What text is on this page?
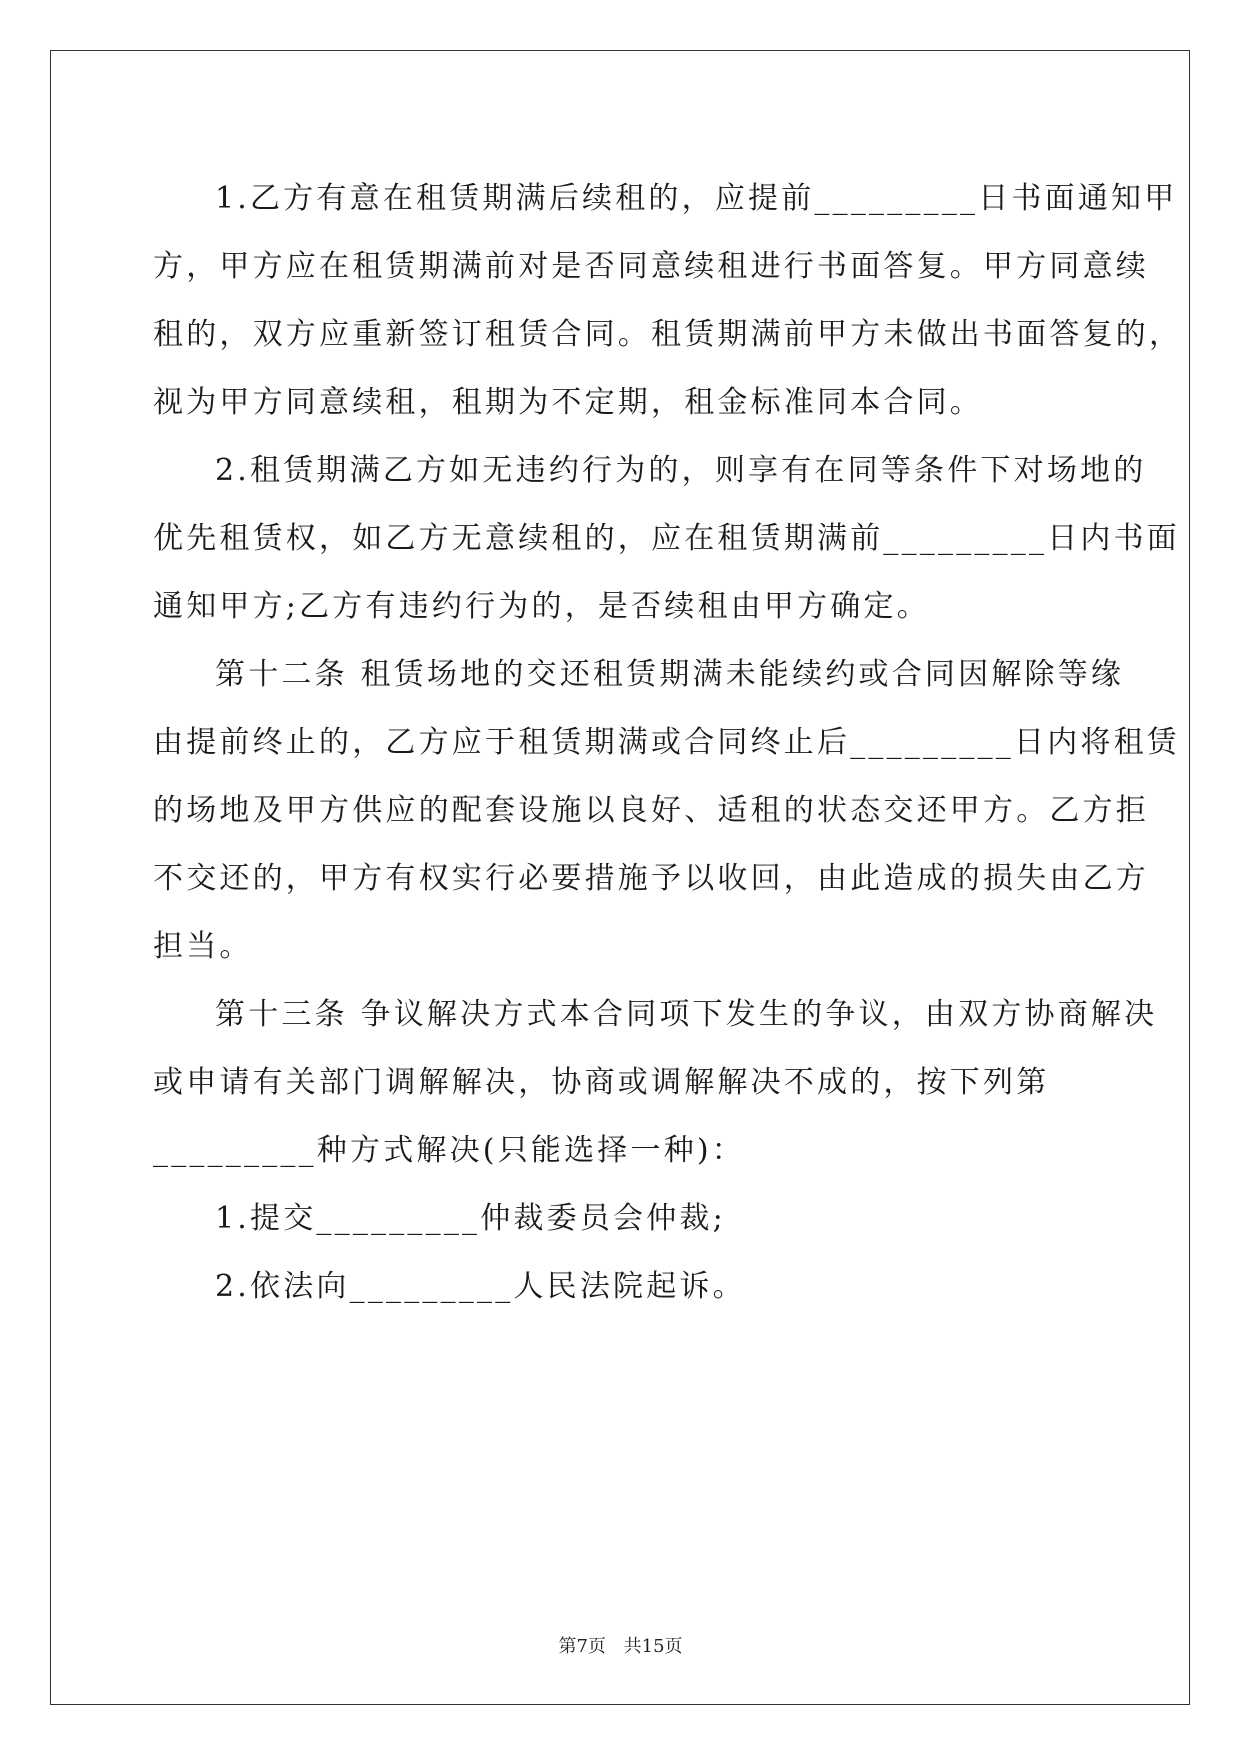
1.乙方有意在租赁期满后续租的，应提前_________日书面通知甲
方，甲方应在租赁期满前对是否同意续租进行书面答复。甲方同意续
租的，双方应重新签订租赁合同。租赁期满前甲方未做出书面答复的，
视为甲方同意续租，租期为不定期，租金标准同本合同。

2.租赁期满乙方如无违约行为的，则享有在同等条件下对场地的
优先租赁权，如乙方无意续租的，应在租赁期满前_________日内书面
通知甲方;乙方有违约行为的，是否续租由甲方确定。

第十二条 租赁场地的交还租赁期满未能续约或合同因解除等缘
由提前终止的，乙方应于租赁期满或合同终止后_________日内将租赁
的场地及甲方供应的配套设施以良好、适租的状态交还甲方。乙方拒
不交还的，甲方有权实行必要措施予以收回，由此造成的损失由乙方
担当。

第十三条 争议解决方式本合同项下发生的争议，由双方协商解决
或申请有关部门调解解决，协商或调解解决不成的，按下列第
_________种方式解决(只能选择一种)：

1.提交_________仲裁委员会仲裁;

2.依法向_________人民法院起诉。

第7页 共15页
